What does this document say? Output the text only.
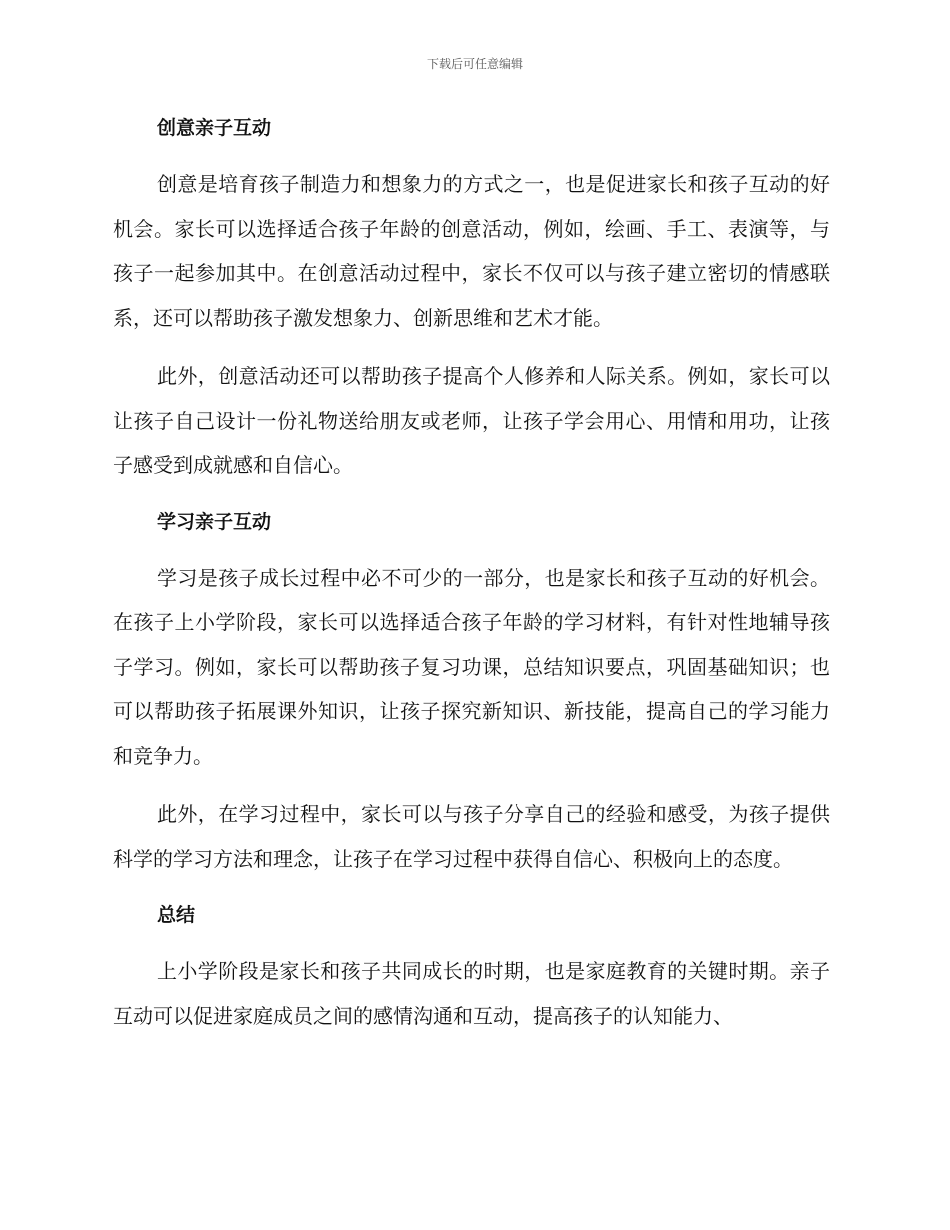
下载后可任意编辑
创意亲子互动

创意是培育孩子制造力和想象力的方式之一，也是促进家长和孩子互动的好机会。家长可以选择适合孩子年龄的创意活动，例如，绘画、手工、表演等，与孩子一起参加其中。在创意活动过程中，家长不仅可以与孩子建立密切的情感联系，还可以帮助孩子激发想象力、创新思维和艺术才能。

此外，创意活动还可以帮助孩子提高个人修养和人际关系。例如，家长可以让孩子自己设计一份礼物送给朋友或老师，让孩子学会用心、用情和用功，让孩子感受到成就感和自信心。

学习亲子互动

学习是孩子成长过程中必不可少的一部分，也是家长和孩子互动的好机会。在孩子上小学阶段，家长可以选择适合孩子年龄的学习材料，有针对性地辅导孩子学习。例如，家长可以帮助孩子复习功课，总结知识要点，巩固基础知识；也可以帮助孩子拓展课外知识，让孩子探究新知识、新技能，提高自己的学习能力和竞争力。

此外，在学习过程中，家长可以与孩子分享自己的经验和感受，为孩子提供科学的学习方法和理念，让孩子在学习过程中获得自信心、积极向上的态度。

总结

上小学阶段是家长和孩子共同成长的时期，也是家庭教育的关键时期。亲子互动可以促进家庭成员之间的感情沟通和互动，提高孩子的认知能力、
